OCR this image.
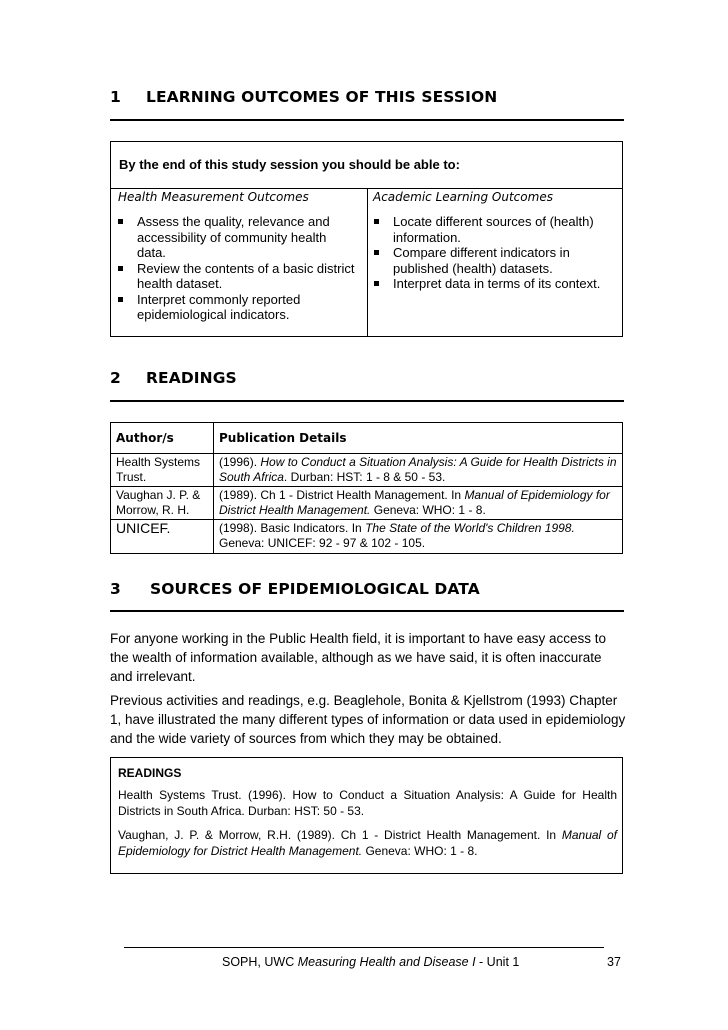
1 LEARNING OUTCOMES OF THIS SESSION
By the end of this study session you should be able to:
Health Measurement Outcomes	Academic Learning Outcomes
Assess the quality, relevance and accessibility of community health data.
Review the contents of a basic district health dataset.
Interpret commonly reported epidemiological indicators.
Locate different sources of (health) information.
Compare different indicators in published (health) datasets.
Interpret data in terms of its context.
2 READINGS
Author/s	Publication Details
Health Systems Trust.	(1996). How to Conduct a Situation Analysis: A Guide for Health Districts in South Africa. Durban: HST: 1 - 8 & 50 - 53.
Vaughan J. P. & Morrow, R. H.	(1989). Ch 1 - District Health Management. In Manual of Epidemiology for District Health Management. Geneva: WHO: 1 - 8.
UNICEF.	(1998). Basic Indicators. In The State of the World's Children 1998. Geneva: UNICEF: 92 - 97 & 102 - 105.
3 SOURCES OF EPIDEMIOLOGICAL DATA
For anyone working in the Public Health field, it is important to have easy access to the wealth of information available, although as we have said, it is often inaccurate and irrelevant.
Previous activities and readings, e.g. Beaglehole, Bonita & Kjellstrom (1993) Chapter 1, have illustrated the many different types of information or data used in epidemiology and the wide variety of sources from which they may be obtained.
READINGS
Health Systems Trust. (1996). How to Conduct a Situation Analysis: A Guide for Health Districts in South Africa. Durban: HST: 50 - 53.
Vaughan, J. P. & Morrow, R.H. (1989). Ch 1 - District Health Management. In Manual of Epidemiology for District Health Management. Geneva: WHO: 1 - 8.
SOPH, UWC Measuring Health and Disease I - Unit 1	37
